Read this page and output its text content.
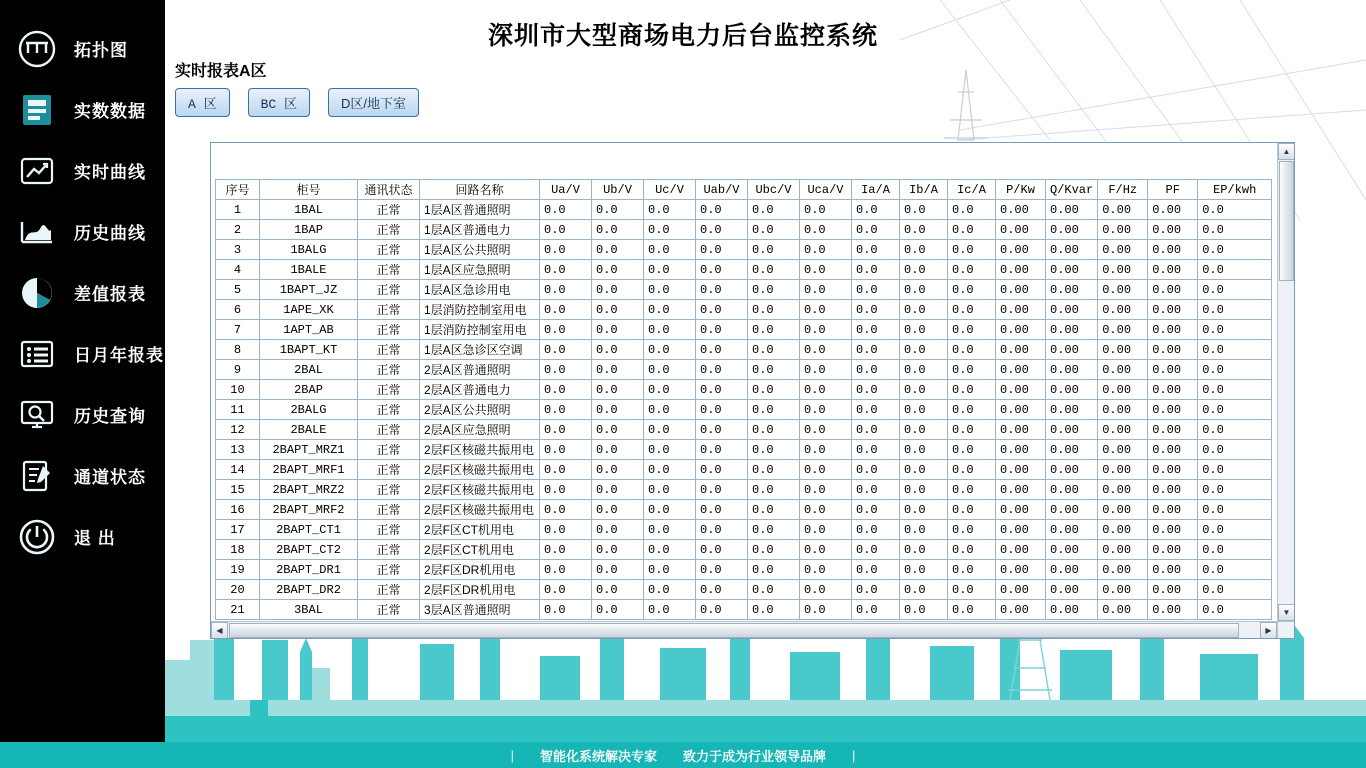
深圳市大型商场电力后台监控系统
拓扑图
实数数据
实时曲线
历史曲线
差值报表
日月年报表
历史查询
通道状态
退 出
实时报表A区
A 区	BC 区	D区/地下室
序号	柜号	通讯状态	回路名称	Ua/V	Ub/V	Uc/V	Uab/V	Ubc/V	Uca/V	Ia/A	Ib/A	Ic/A	P/Kw	Q/Kvar	F/Hz	PF	EP/kwh
1	1BAL	正常	1层A区普通照明	0.0	0.0	0.0	0.0	0.0	0.0	0.0	0.0	0.0	0.00	0.00	0.00	0.00	0.0
2	1BAP	正常	1层A区普通电力	0.0	0.0	0.0	0.0	0.0	0.0	0.0	0.0	0.0	0.00	0.00	0.00	0.00	0.0
3	1BALG	正常	1层A区公共照明	0.0	0.0	0.0	0.0	0.0	0.0	0.0	0.0	0.0	0.00	0.00	0.00	0.00	0.0
4	1BALE	正常	1层A区应急照明	0.0	0.0	0.0	0.0	0.0	0.0	0.0	0.0	0.0	0.00	0.00	0.00	0.00	0.0
5	1BAPT_JZ	正常	1层A区急诊用电	0.0	0.0	0.0	0.0	0.0	0.0	0.0	0.0	0.0	0.00	0.00	0.00	0.00	0.0
6	1APE_XK	正常	1层消防控制室用电	0.0	0.0	0.0	0.0	0.0	0.0	0.0	0.0	0.0	0.00	0.00	0.00	0.00	0.0
7	1APT_AB	正常	1层消防控制室用电	0.0	0.0	0.0	0.0	0.0	0.0	0.0	0.0	0.0	0.00	0.00	0.00	0.00	0.0
8	1BAPT_KT	正常	1层A区急诊区空调	0.0	0.0	0.0	0.0	0.0	0.0	0.0	0.0	0.0	0.00	0.00	0.00	0.00	0.0
9	2BAL	正常	2层A区普通照明	0.0	0.0	0.0	0.0	0.0	0.0	0.0	0.0	0.0	0.00	0.00	0.00	0.00	0.0
10	2BAP	正常	2层A区普通电力	0.0	0.0	0.0	0.0	0.0	0.0	0.0	0.0	0.0	0.00	0.00	0.00	0.00	0.0
11	2BALG	正常	2层A区公共照明	0.0	0.0	0.0	0.0	0.0	0.0	0.0	0.0	0.0	0.00	0.00	0.00	0.00	0.0
12	2BALE	正常	2层A区应急照明	0.0	0.0	0.0	0.0	0.0	0.0	0.0	0.0	0.0	0.00	0.00	0.00	0.00	0.0
13	2BAPT_MRZ1	正常	2层F区核磁共振用电	0.0	0.0	0.0	0.0	0.0	0.0	0.0	0.0	0.0	0.00	0.00	0.00	0.00	0.0
14	2BAPT_MRF1	正常	2层F区核磁共振用电	0.0	0.0	0.0	0.0	0.0	0.0	0.0	0.0	0.0	0.00	0.00	0.00	0.00	0.0
15	2BAPT_MRZ2	正常	2层F区核磁共振用电	0.0	0.0	0.0	0.0	0.0	0.0	0.0	0.0	0.0	0.00	0.00	0.00	0.00	0.0
16	2BAPT_MRF2	正常	2层F区核磁共振用电	0.0	0.0	0.0	0.0	0.0	0.0	0.0	0.0	0.0	0.00	0.00	0.00	0.00	0.0
17	2BAPT_CT1	正常	2层F区CT机用电	0.0	0.0	0.0	0.0	0.0	0.0	0.0	0.0	0.0	0.00	0.00	0.00	0.00	0.0
18	2BAPT_CT2	正常	2层F区CT机用电	0.0	0.0	0.0	0.0	0.0	0.0	0.0	0.0	0.0	0.00	0.00	0.00	0.00	0.0
19	2BAPT_DR1	正常	2层F区DR机用电	0.0	0.0	0.0	0.0	0.0	0.0	0.0	0.0	0.0	0.00	0.00	0.00	0.00	0.0
20	2BAPT_DR2	正常	2层F区DR机用电	0.0	0.0	0.0	0.0	0.0	0.0	0.0	0.0	0.0	0.00	0.00	0.00	0.00	0.0
21	3BAL	正常	3层A区普通照明	0.0	0.0	0.0	0.0	0.0	0.0	0.0	0.0	0.0	0.00	0.00	0.00	0.00	0.0
▲
▼
◀	▶
| 智能化系统解决专家 致力于成为行业领导品牌 |
